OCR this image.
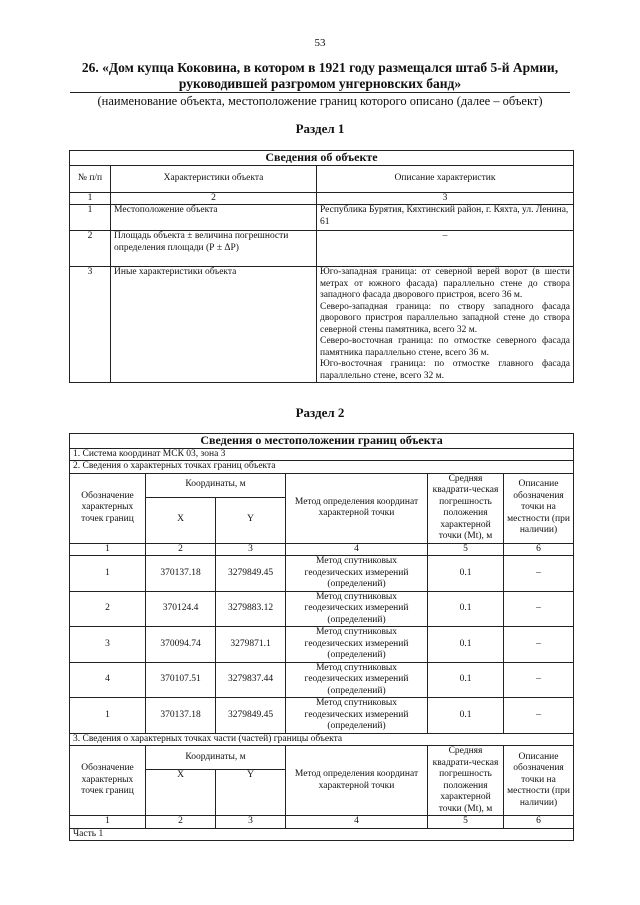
53
26. «Дом купца Коковина, в котором в 1921 году размещался штаб 5-й Армии, руководившей разгромом унгерновских банд»
(наименование объекта, местоположение границ которого описано (далее – объект)
Раздел 1
Сведения об объекте		
№ п/п	Характеристики объекта	Описание характеристик
1	2	3
1	Местоположение объекта	Республика Бурятия, Кяхтинский район, г. Кяхта, ул. Ленина, 61
2	Площадь объекта ± величина погрешности определения площади (Р ± ΔР)	–
3	Иные характеристики объекта	Юго-западная граница: от северной верей ворот (в шести метрах от южного фасада) параллельно стене до створа западного фасада дворового пристроя, всего 36 м.
Северо-западная граница: по створу западного фасада дворового пристроя параллельно западной стене до створа северной стены памятника, всего 32 м.
Северо-восточная граница: по отмостке северного фасада памятника параллельно стене, всего 36 м.
Юго-восточная граница: по отмостке главного фасада параллельно стене, всего 32 м.
Раздел 2
Сведения о местоположении границ объекта					
1. Система координат МСК 03, зона 3					
2. Сведения о характерных точках границ объекта					
Обозначение характерных точек границ	Координаты, м		Метод определения координат характерной точки	Средняя квадрати-ческая погрешность положения характерной точки (Mt), м	Описание обозначения точки на местности (при наличии)
	X	Y			
1	2	3	4	5	6
1	370137.18	3279849.45	Метод спутниковых геодезических измерений (определений)	0.1	–
2	370124.4	3279883.12	Метод спутниковых геодезических измерений (определений)	0.1	–
3	370094.74	3279871.1	Метод спутниковых геодезических измерений (определений)	0.1	–
4	370107.51	3279837.44	Метод спутниковых геодезических измерений (определений)	0.1	–
1	370137.18	3279849.45	Метод спутниковых геодезических измерений (определений)	0.1	–
3. Сведения о характерных точках части (частей) границы объекта					
Обозначение характерных точек границ	Координаты, м		Метод определения координат характерной точки	Средняя квадрати-ческая погрешность положения характерной точки (Mt), м	Описание обозначения точки на местности (при наличии)
	X	Y			
1	2	3	4	5	6
Часть 1					
